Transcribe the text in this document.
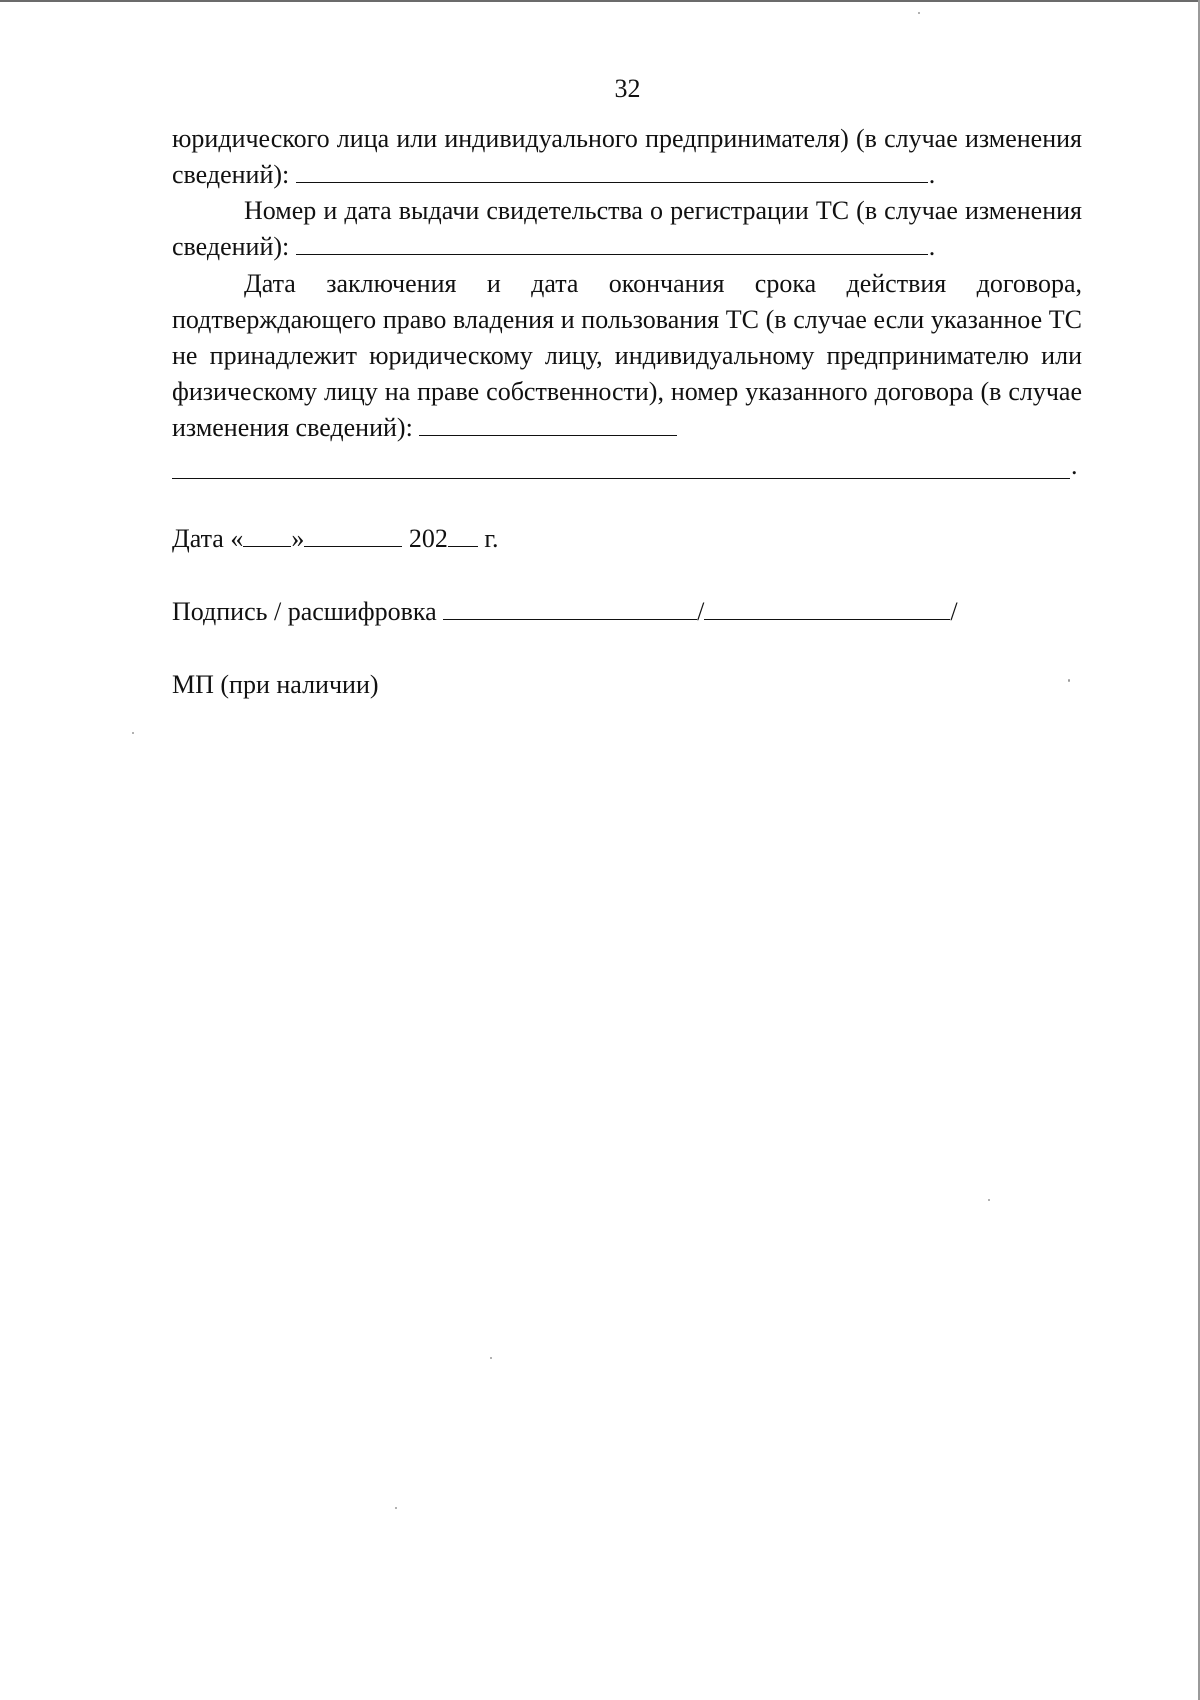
32

юридического лица или индивидуального предпринимателя) (в случае изменения сведений):	.

Номер и дата выдачи свидетельства о регистрации ТС (в случае изменения сведений):	.

Дата заключения и дата окончания срока действия договора, подтверждающего право владения и пользования ТС (в случае если указанное ТС не принадлежит юридическому лицу, индивидуальному предпринимателю или физическому лицу на праве собственности), номер указанного договора (в случае изменения сведений):

.
Дата « »	202 г.
Подпись / расшифровка	/	/
МП (при наличии)
